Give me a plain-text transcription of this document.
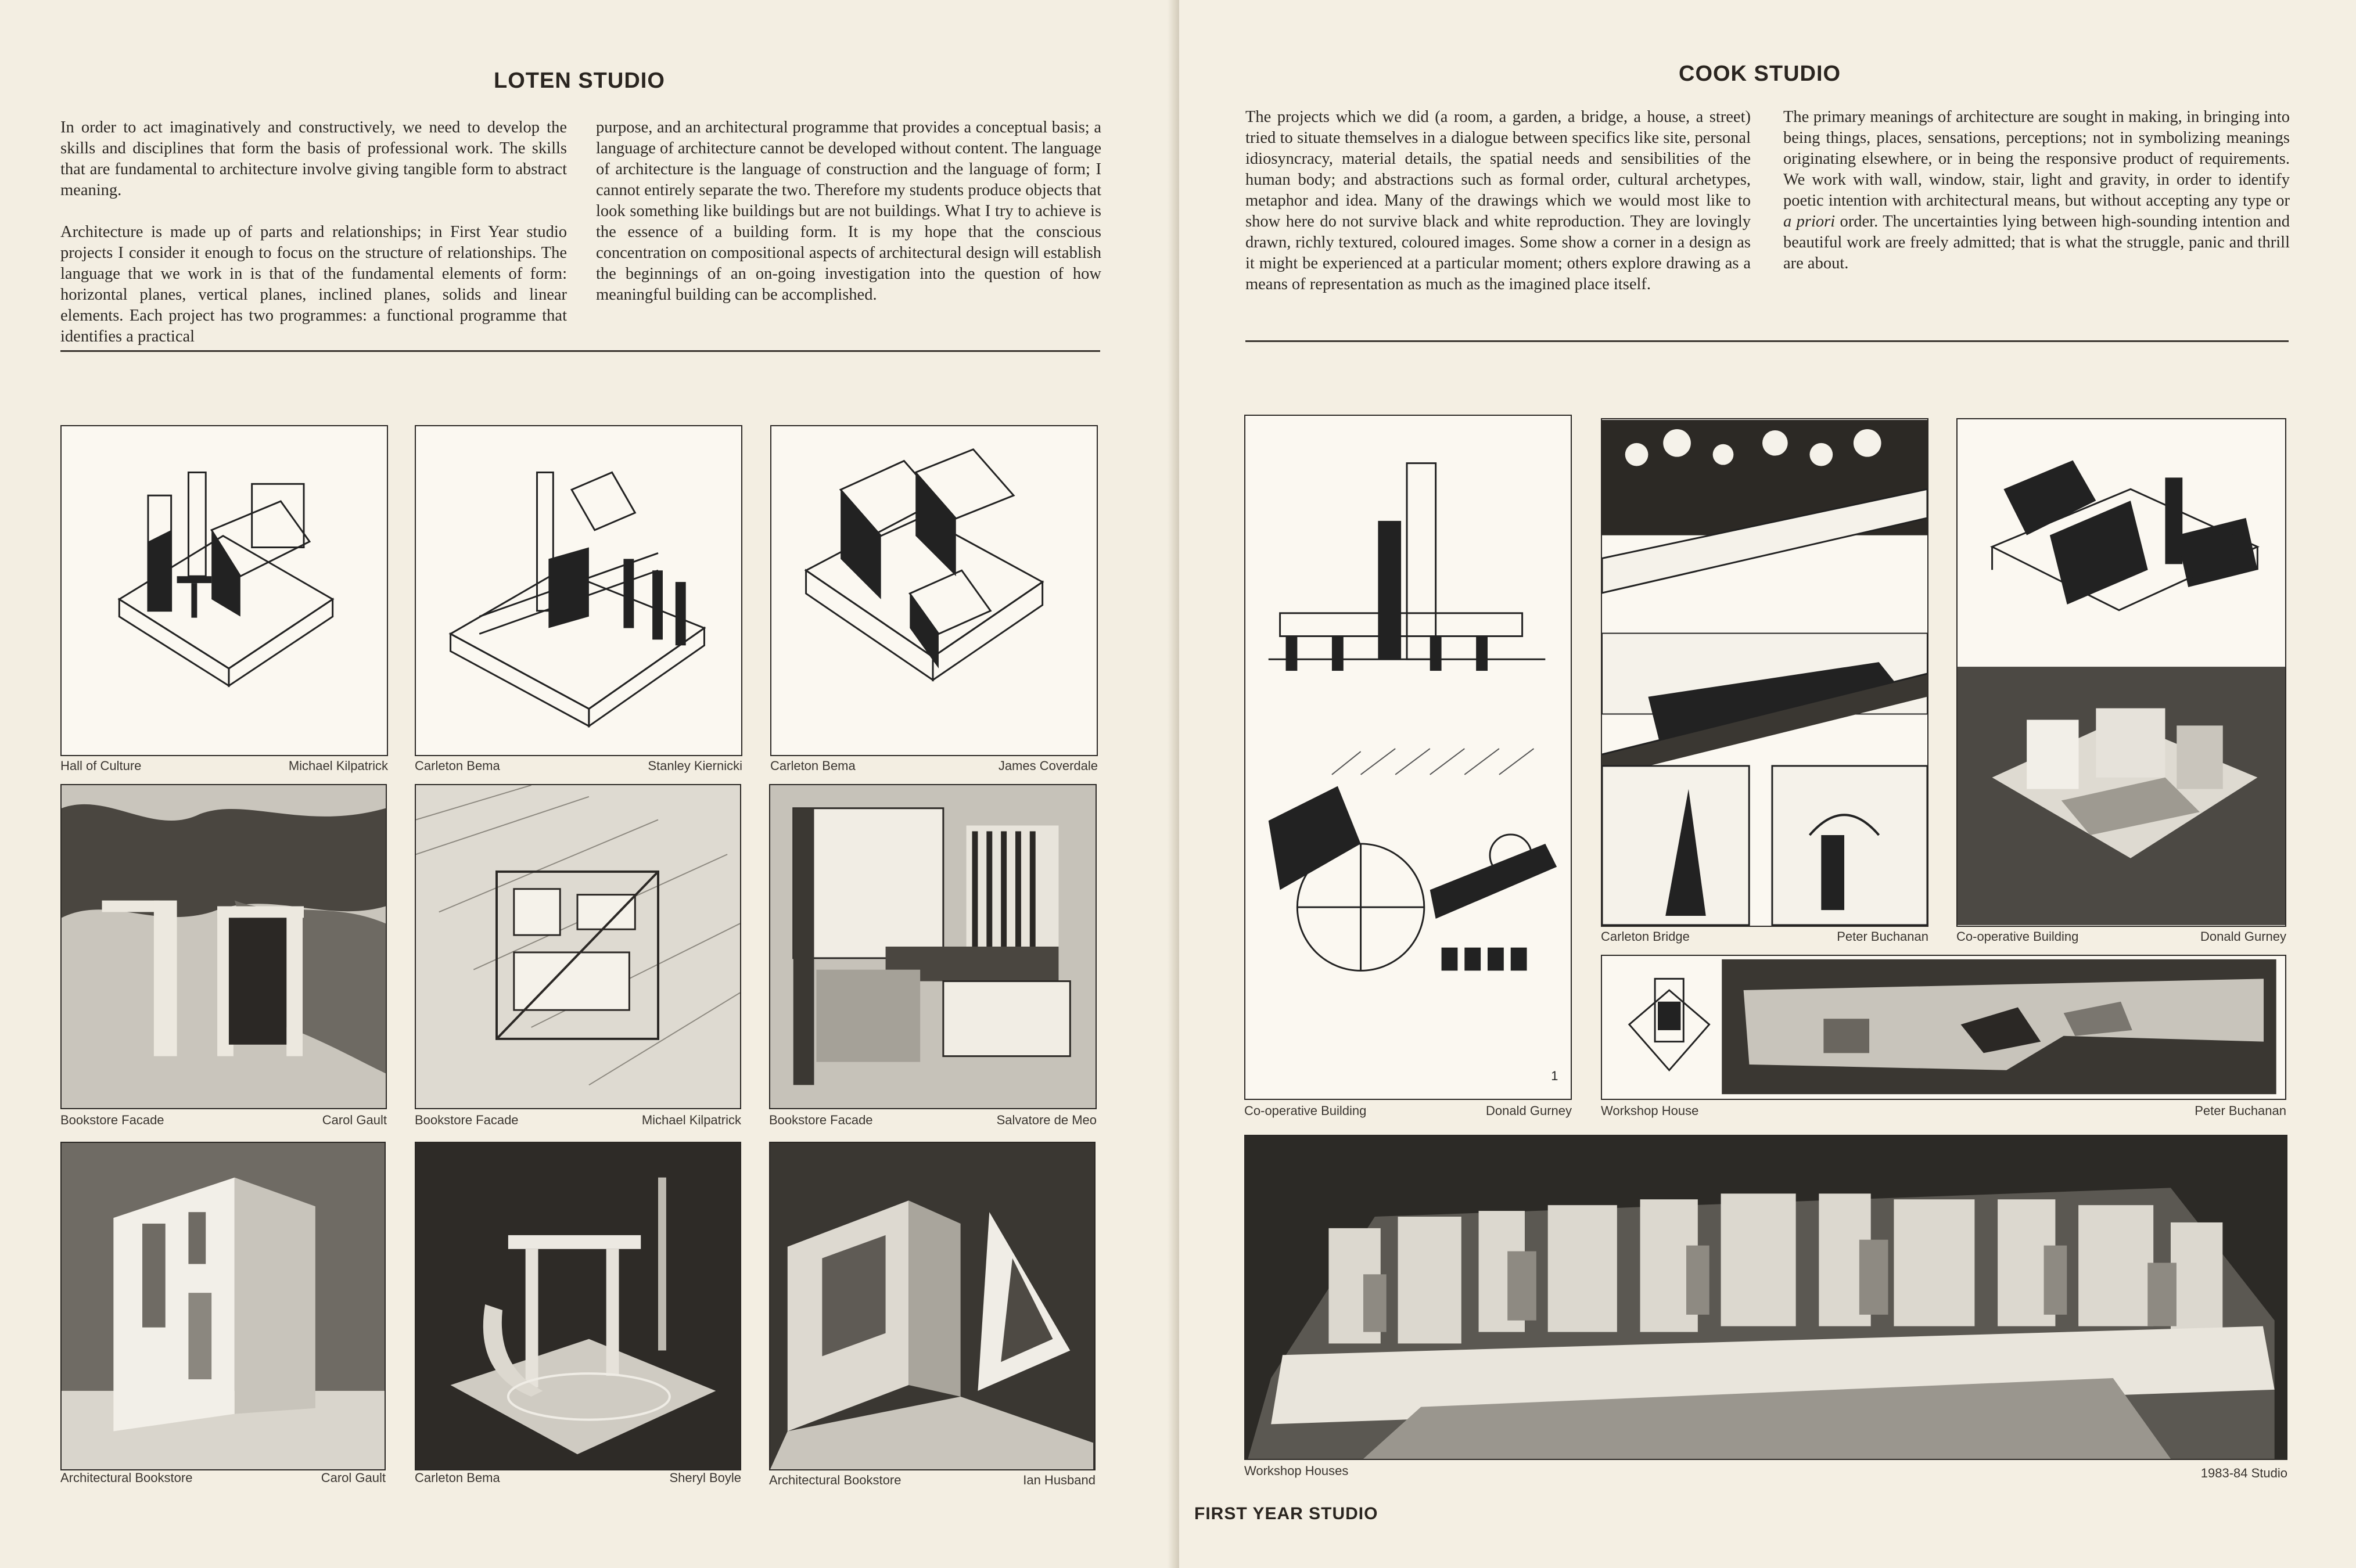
LOTEN STUDIO

In order to act imaginatively and constructively, we need to develop the skills and disciplines that form the basis of professional work. The skills that are fundamental to architecture involve giving tangible form to abstract meaning.

Architecture is made up of parts and relationships; in First Year studio projects I consider it enough to focus on the structure of relationships. The language that we work in is that of the fundamental elements of form: horizontal planes, vertical planes, inclined planes, solids and linear elements. Each project has two programmes: a functional programme that identifies a practical

purpose, and an architectural programme that provides a conceptual basis; a language of architecture cannot be developed without content. The language of architecture is the language of construction and the language of form; I cannot entirely separate the two. Therefore my students produce objects that look something like buildings but are not buildings. What I try to achieve is the essence of a building form. It is my hope that the conscious concentration on compositional aspects of architectural design will establish the beginnings of an on-going investigation into the question of how meaningful building can be accomplished.

Hall of Culture	Michael Kilpatrick Carleton Bema	Stanley Kiernicki Carleton Bema	James Coverdale
Bookstore Facade	Carol Gault Bookstore Facade	Michael Kilpatrick Bookstore Facade	Salvatore de Meo
Architectural Bookstore	Carol Gault Carleton Bema	Sheryl Boyle Architectural Bookstore	Ian Husband
COOK STUDIO

The projects which we did (a room, a garden, a bridge, a house, a street) tried to situate themselves in a dialogue between specifics like site, personal idiosyncracy, material details, the spatial needs and sensibilities of the human body; and abstractions such as formal order, cultural archetypes, metaphor and idea. Many of the drawings which we would most like to show here do not survive black and white reproduction. They are lovingly drawn, richly textured, coloured images. Some show a corner in a design as it might be experienced at a particular moment; others explore drawing as a means of representation as much as the imagined place itself.

The primary meanings of architecture are sought in making, in bringing into being things, places, sensations, perceptions; not in symbolizing meanings originating elsewhere, or in being the responsive product of requirements. We work with wall, window, stair, light and gravity, in order to identify poetic intention with architectural means, but without accepting any type or a priori order. The uncertainties lying between high-sounding intention and beautiful work are freely admitted; that is what the struggle, panic and thrill are about.

1
Co-operative Building	Donald Gurney
Carleton Bridge	Peter Buchanan Co-operative Building	Donald Gurney
Workshop House	Peter Buchanan
Workshop Houses	1983-84 Studio
FIRST YEAR STUDIO
